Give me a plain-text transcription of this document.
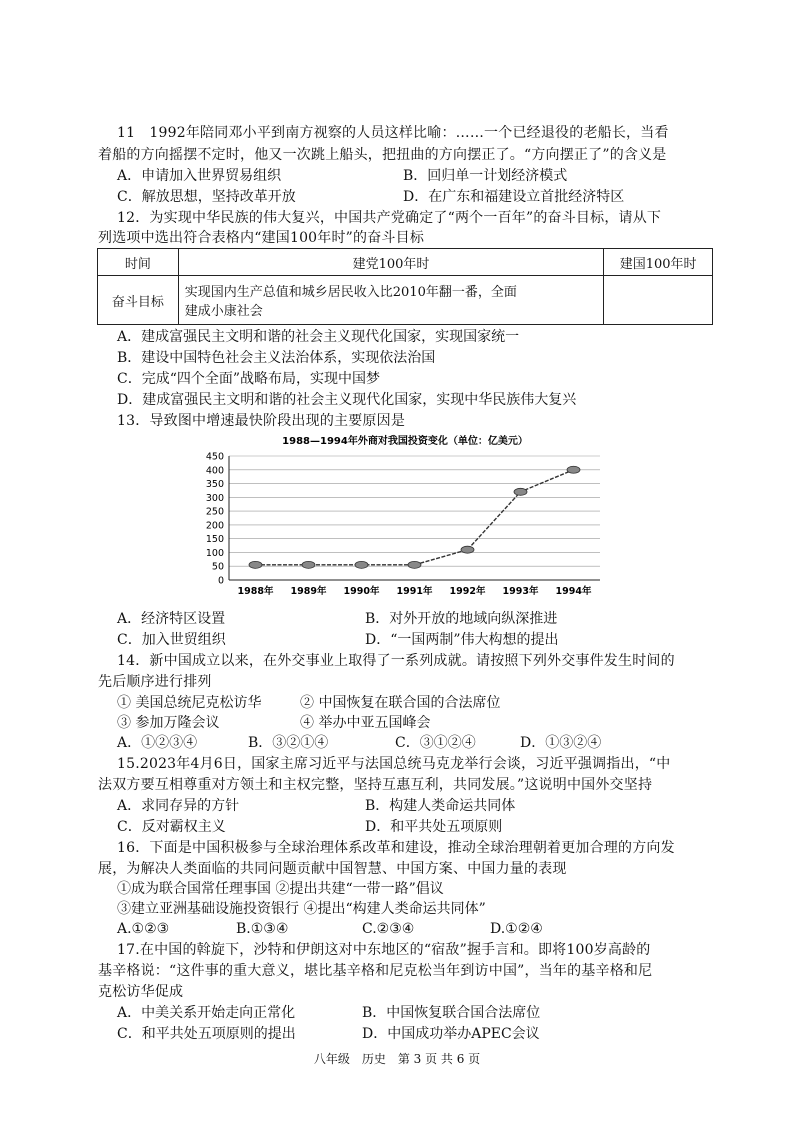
11　1992年陪同邓小平到南方视察的人员这样比喻：……一个已经退役的老船长，当看
着船的方向摇摆不定时，他又一次跳上船头，把扭曲的方向摆正了。“方向摆正了”的含义是
A．申请加入世界贸易组织	B．回归单一计划经济模式
C．解放思想，坚持改革开放	D．在广东和福建设立首批经济特区
12．为实现中华民族的伟大复兴，中国共产党确定了“两个一百年”的奋斗目标，请从下
列选项中选出符合表格内“建国100年时”的奋斗目标
时间	建党100年时	建国100年时
奋斗目标	实现国内生产总值和城乡居民收入比2010年翻一番，全面
建成小康社会	

A．建成富强民主文明和谐的社会主义现代化国家，实现国家统一
B．建设中国特色社会主义法治体系，实现依法治国
C．完成“四个全面”战略布局，实现中国梦
D．建成富强民主文明和谐的社会主义现代化国家，实现中华民族伟大复兴
13．导致图中增速最快阶段出现的主要原因是
1988—1994年外商对我国投资变化（单位：亿美元）
0
50
100
150
200
250
300
350
400
450
1988年 1989年 1990年 1991年 1992年 1993年 1994年
A．经济特区设置	B．对外开放的地域向纵深推进
C．加入世贸组织	D．“一国两制”伟大构想的提出
14．新中国成立以来，在外交事业上取得了一系列成就。请按照下列外交事件发生时间的
先后顺序进行排列
① 美国总统尼克松访华	② 中国恢复在联合国的合法席位
③ 参加万隆会议	④ 举办中亚五国峰会
A．①②③④	B．③②①④	C．③①②④	D．①③②④
15.2023年4月6日，国家主席习近平与法国总统马克龙举行会谈，习近平强调指出，“中
法双方要互相尊重对方领土和主权完整，坚持互惠互利，共同发展。”这说明中国外交坚持
A．求同存异的方针	B．构建人类命运共同体
C．反对霸权主义	D．和平共处五项原则
16．下面是中国积极参与全球治理体系改革和建设，推动全球治理朝着更加合理的方向发
展，为解决人类面临的共同问题贡献中国智慧、中国方案、中国力量的表现
①成为联合国常任理事国 ②提出共建“一带一路”倡议
③建立亚洲基础设施投资银行 ④提出“构建人类命运共同体”
A.①②③	B.①③④	C.②③④	D.①②④
17.在中国的斡旋下，沙特和伊朗这对中东地区的“宿敌”握手言和。即将100岁高龄的
基辛格说：“这件事的重大意义，堪比基辛格和尼克松当年到访中国”，当年的基辛格和尼
克松访华促成
A．中美关系开始走向正常化	B．中国恢复联合国合法席位
C．和平共处五项原则的提出	D．中国成功举办APEC会议
八年级　历史　第 3 页 共 6 页
